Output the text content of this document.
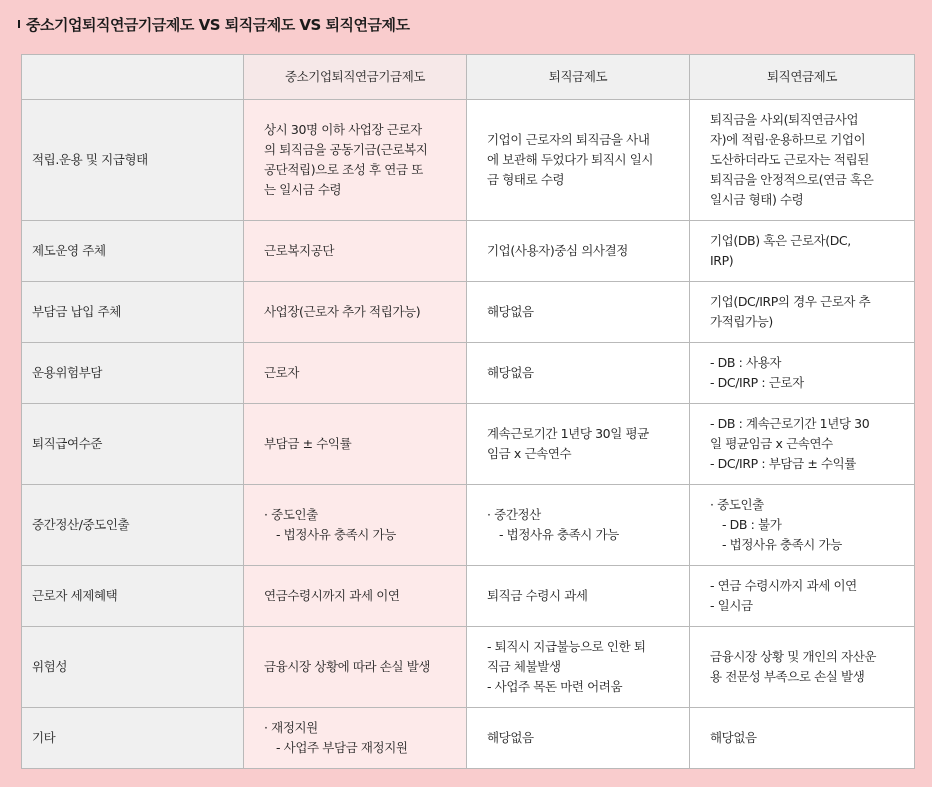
중소기업퇴직연금기금제도 VS 퇴직금제도 VS 퇴직연금제도
	중소기업퇴직연금기금제도	퇴직금제도	퇴직연금제도
적립.운용 및 지급형태	상시 30명 이하 사업장 근로자
의 퇴직금을 공동기금(근로복지
공단적립)으로 조성 후 연금 또
는 일시금 수령	기업이 근로자의 퇴직금을 사내
에 보관해 두었다가 퇴직시 일시
금 형태로 수령	퇴직금을 사외(퇴직연금사업
자)에 적립·운용하므로 기업이
도산하더라도 근로자는 적립된
퇴직금을 안정적으로(연금 혹은
일시금 형태) 수령

제도운영 주체	근로복지공단	기업(사용자)중심 의사결정	기업(DB) 혹은 근로자(DC,
IRP)

부담금 납입 주체	사업장(근로자 추가 적립가능)	해당없음	기업(DC/IRP의 경우 근로자 추
가적립가능)

운용위험부담	근로자	해당없음	- DB : 사용자
- DC/IRP : 근로자

퇴직급여수준	부담금 ± 수익률	계속근로기간 1년당 30일 평균
임금 x 근속연수	- DB : 계속근로기간 1년당 30
일 평균임금 x 근속연수
- DC/IRP : 부담금 ± 수익률

중간정산/중도인출	· 중도인출
- 법정사유 충족시 가능	· 중간정산
- 법정사유 충족시 가능	· 중도인출
- DB : 불가
- 법정사유 충족시 가능

근로자 세제혜택	연금수령시까지 과세 이연	퇴직금 수령시 과세	- 연금 수령시까지 과세 이연
- 일시금

위험성	금융시장 상황에 따라 손실 발생	- 퇴직시 지급불능으로 인한 퇴
직금 체불발생
- 사업주 목돈 마련 어려움	금융시장 상황 및 개인의 자산운
용 전문성 부족으로 손실 발생

기타	· 재정지원
- 사업주 부담금 재정지원	해당없음	해당없음
